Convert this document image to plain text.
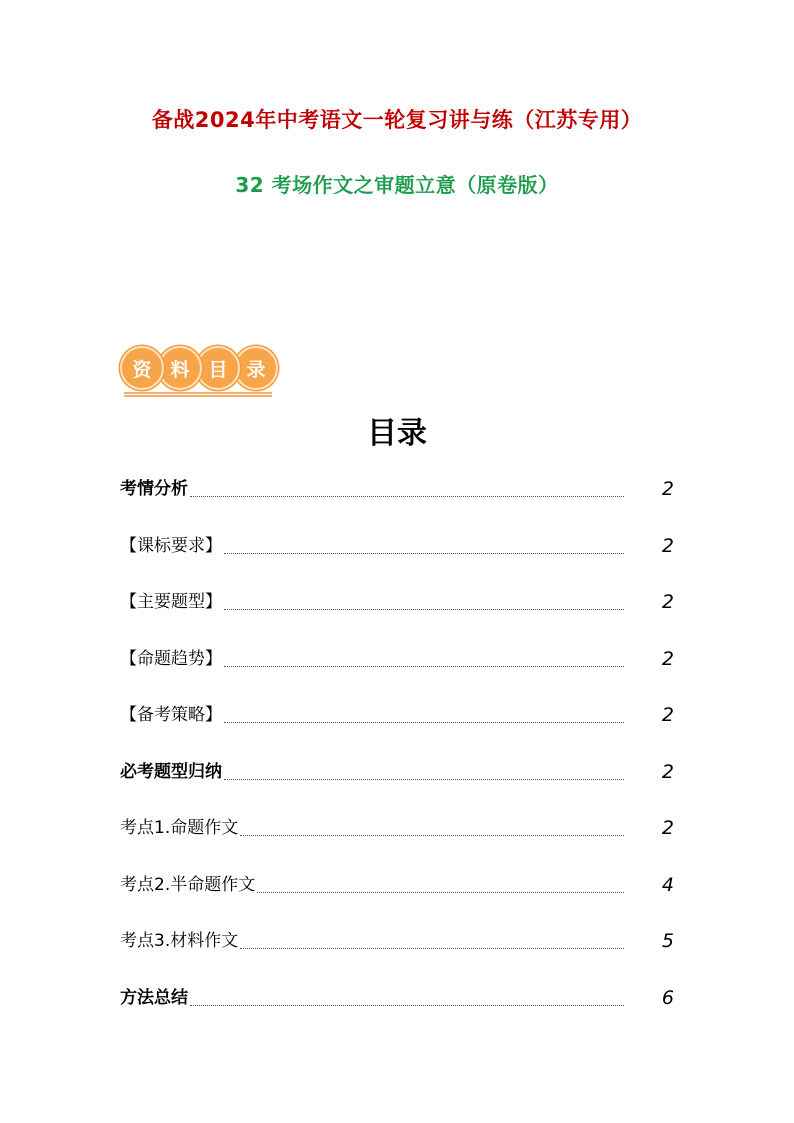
备战2024年中考语文一轮复习讲与练（江苏专用）
32 考场作文之审题立意（原卷版）
录
目
料
资
目录
考情分析	2
【课标要求】	2
【主要题型】	2
【命题趋势】	2
【备考策略】	2
必考题型归纳	2
考点1.命题作文	2
考点2.半命题作文	4
考点3.材料作文	5
方法总结	6
